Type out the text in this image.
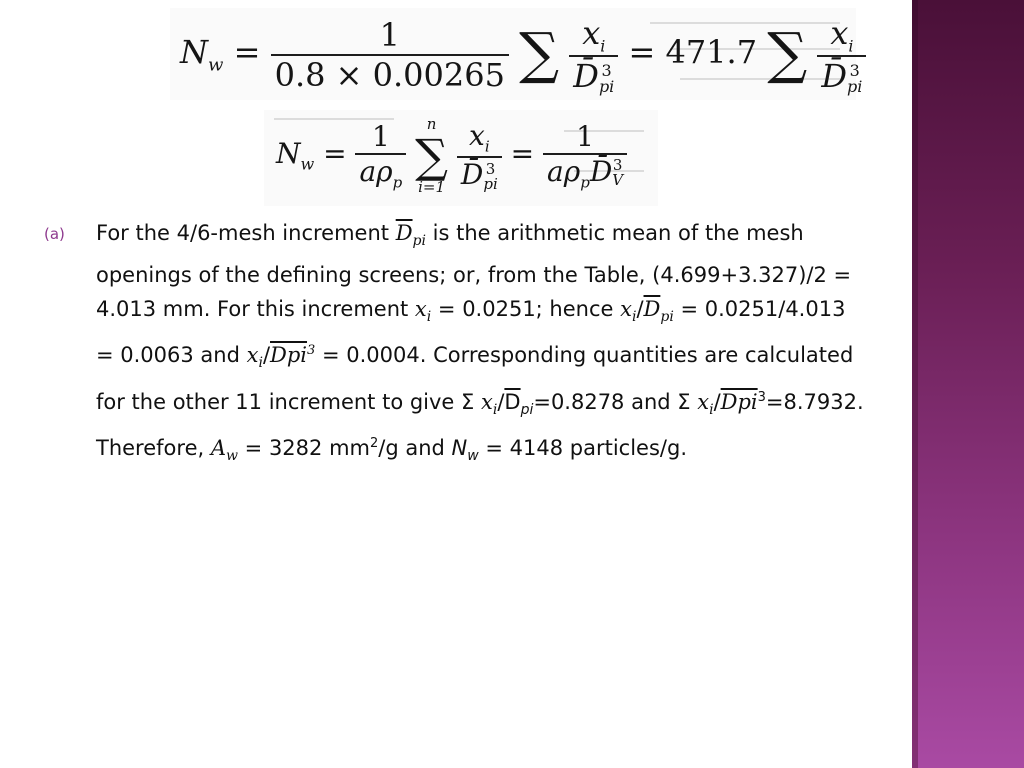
$N_w = \frac{1}{0.8 \times 0.00265}$ ∑ $x_i$
D̄ 3
pi = 471.7 ∑ $x_i$
D̄ 3
pi
$N_w = \frac{1}{a\rho_p}$
	n
∑
i=1
$x_i$
D̄ 3
pi = 1
$a\rho_pD̄$ 3
V
(a) For the 4/6-mesh increment $\overline{D}_{pi}$ is the arithmetic mean of the mesh openings of the defining screens; or, from the Table, (4.699+3.327)/2 = 4.013 mm. For this increment $x_i = 0.0251$; hence $x_i/\overline{D}_{pi} = 0.0251/4.013 = 0.0063$ and $x_i/\overline{Dpi}^3 = 0.0004$. Corresponding quantities are calculated for the other 11 increment to give Σ $x_i/\overline{D}_{pi}=0.8278$ and Σ $x_i/\overline{Dpi}^3=8.7932$. Therefore, $A_w = 3282$ $mm^2/g$ and $N_w = 4148$ particles/g.
